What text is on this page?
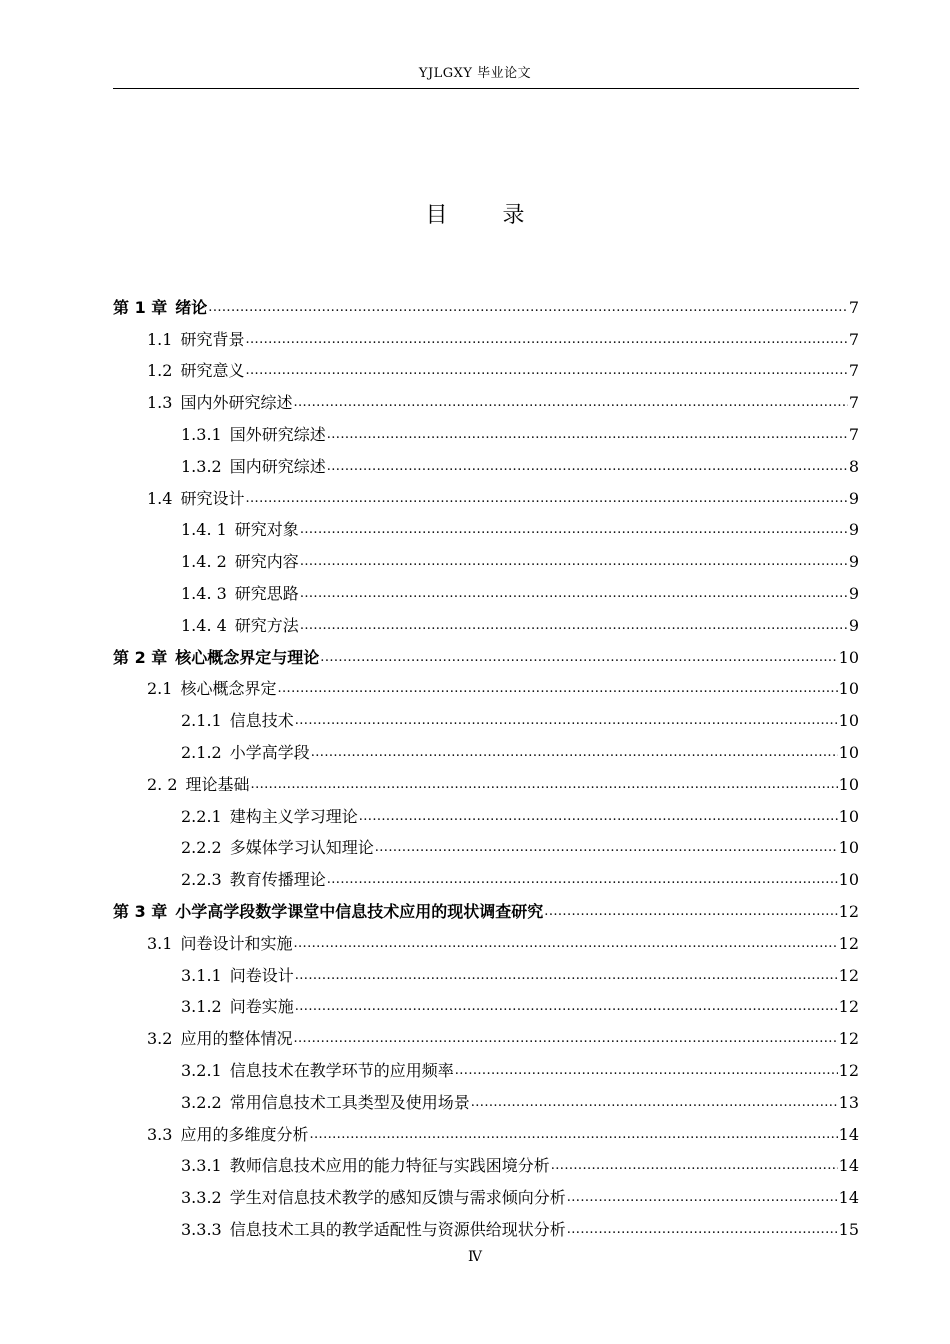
YJLGXY 毕业论文
目 录
第 1 章 绪论 .....	7
1.1 研究背景 .....	7
1.2 研究意义 .....	7
1.3 国内外研究综述 .....	7
1.3.1 国外研究综述 .....	7
1.3.2 国内研究综述 .....	8
1.4 研究设计 .....	9
1.4. 1 研究对象 .....	9
1.4. 2 研究内容 .....	9
1.4. 3 研究思路 .....	9
1.4. 4 研究方法 .....	9
第 2 章 核心概念界定与理论 .....	10
2.1 核心概念界定 .....	10
2.1.1 信息技术 .....	10
2.1.2 小学高学段 .....	10
2. 2 理论基础 .....	10
2.2.1 建构主义学习理论 .....	10
2.2.2 多媒体学习认知理论 .....	10
2.2.3 教育传播理论 .....	10
第 3 章 小学高学段数学课堂中信息技术应用的现状调查研究 .....	12
3.1 问卷设计和实施 .....	12
3.1.1 问卷设计 .....	12
3.1.2 问卷实施 .....	12
3.2 应用的整体情况 .....	12
3.2.1 信息技术在教学环节的应用频率 .....	12
3.2.2 常用信息技术工具类型及使用场景 .....	13
3.3 应用的多维度分析 .....	14
3.3.1 教师信息技术应用的能力特征与实践困境分析 .....	14
3.3.2 学生对信息技术教学的感知反馈与需求倾向分析 .....	14
3.3.3 信息技术工具的教学适配性与资源供给现状分析 .....	15
Ⅳ
